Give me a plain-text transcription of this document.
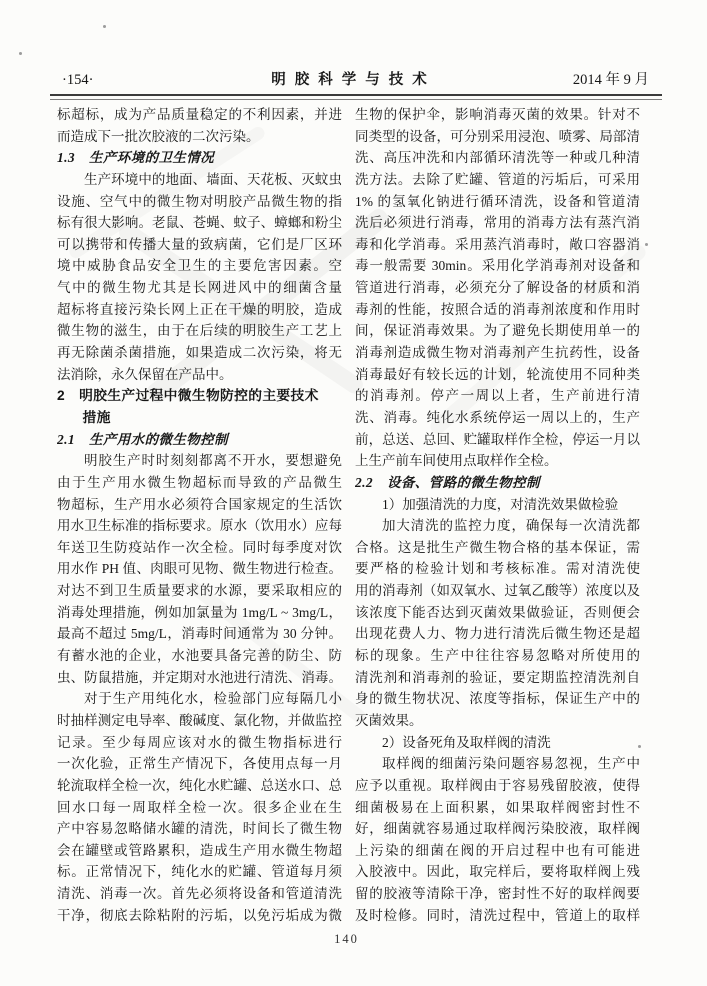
·154·	明胶科学与技术	2014 年 9 月
标超标，成为产品质量稳定的不利因素，并进
而造成下一批次胶液的二次污染。
1.3　生产环境的卫生情况
生产环境中的地面、墙面、天花板、灭蚊虫
设施、空气中的微生物对明胶产品微生物的指
标有很大影响。老鼠、苍蝇、蚊子、蟑螂和粉尘
可以携带和传播大量的致病菌，它们是厂区环
境中威胁食品安全卫生的主要危害因素。空
气中的微生物尤其是长网进风中的细菌含量
超标将直接污染长网上正在干燥的明胶，造成
微生物的滋生，由于在后续的明胶生产工艺上
再无除菌杀菌措施，如果造成二次污染，将无
法消除，永久保留在产品中。
2　明胶生产过程中微生物防控的主要技术
措施
2.1　生产用水的微生物控制
明胶生产时时刻刻都离不开水，要想避免
由于生产用水微生物超标而导致的产品微生
物超标，生产用水必须符合国家规定的生活饮
用水卫生标准的指标要求。原水（饮用水）应每
年送卫生防疫站作一次全检。同时每季度对饮
用水作 PH 值、肉眼可见物、微生物进行检查。
对达不到卫生质量要求的水源，要采取相应的
消毒处理措施，例如加氯量为 1mg/L ~ 3mg/L，
最高不超过 5mg/L，消毒时间通常为 30 分钟。
有蓄水池的企业，水池要具备完善的防尘、防
虫、防鼠措施，并定期对水池进行清洗、消毒。
对于生产用纯化水，检验部门应每隔几小
时抽样测定电导率、酸碱度、氯化物，并做监控
记录。至少每周应该对水的微生物指标进行
一次化验，正常生产情况下，各使用点每一月
轮流取样全检一次，纯化水贮罐、总送水口、总
回水口每一周取样全检一次。很多企业在生
产中容易忽略储水罐的清洗，时间长了微生物
会在罐壁或管路累积，造成生产用水微生物超
标。正常情况下，纯化水的贮罐、管道每月须
清洗、消毒一次。首先必须将设备和管道清洗
干净，彻底去除粘附的污垢，以免污垢成为微
生物的保护伞，影响消毒灭菌的效果。针对不
同类型的设备，可分别采用浸泡、喷雾、局部清
洗、高压冲洗和内部循环清洗等一种或几种清
洗方法。去除了贮罐、管道的污垢后，可采用
1% 的氢氧化钠进行循环清洗，设备和管道清
洗后必须进行消毒，常用的消毒方法有蒸汽消
毒和化学消毒。采用蒸汽消毒时，敞口容器消
毒一般需要 30min。采用化学消毒剂对设备和
管道进行消毒，必须充分了解设备的材质和消
毒剂的性能，按照合适的消毒剂浓度和作用时
间，保证消毒效果。为了避免长期使用单一的
消毒剂造成微生物对消毒剂产生抗药性，设备
消毒最好有较长远的计划，轮流使用不同种类
的消毒剂。停产一周以上者，生产前进行清
洗、消毒。纯化水系统停运一周以上的，生产
前，总送、总回、贮罐取样作全检，停运一月以
上生产前车间使用点取样作全检。
2.2　设备、管路的微生物控制
1）加强清洗的力度，对清洗效果做检验
加大清洗的监控力度，确保每一次清洗都
合格。这是批生产微生物合格的基本保证，需
要严格的检验计划和考核标准。需对清洗使
用的消毒剂（如双氧水、过氧乙酸等）浓度以及
该浓度下能否达到灭菌效果做验证，否则便会
出现花费人力、物力进行清洗后微生物还是超
标的现象。生产中往往容易忽略对所使用的
清洗剂和消毒剂的验证，要定期监控清洗剂自
身的微生物状况、浓度等指标，保证生产中的
灭菌效果。
2）设备死角及取样阀的清洗
取样阀的细菌污染问题容易忽视，生产中
应予以重视。取样阀由于容易残留胶液，使得
细菌极易在上面积累，如果取样阀密封性不
好，细菌就容易通过取样阀污染胶液，取样阀
上污染的细菌在阀的开启过程中也有可能进
入胶液中。因此，取完样后，要将取样阀上残
留的胶液等清除干净，密封性不好的取样阀要
及时检修。同时，清洗过程中，管道上的取样
140
